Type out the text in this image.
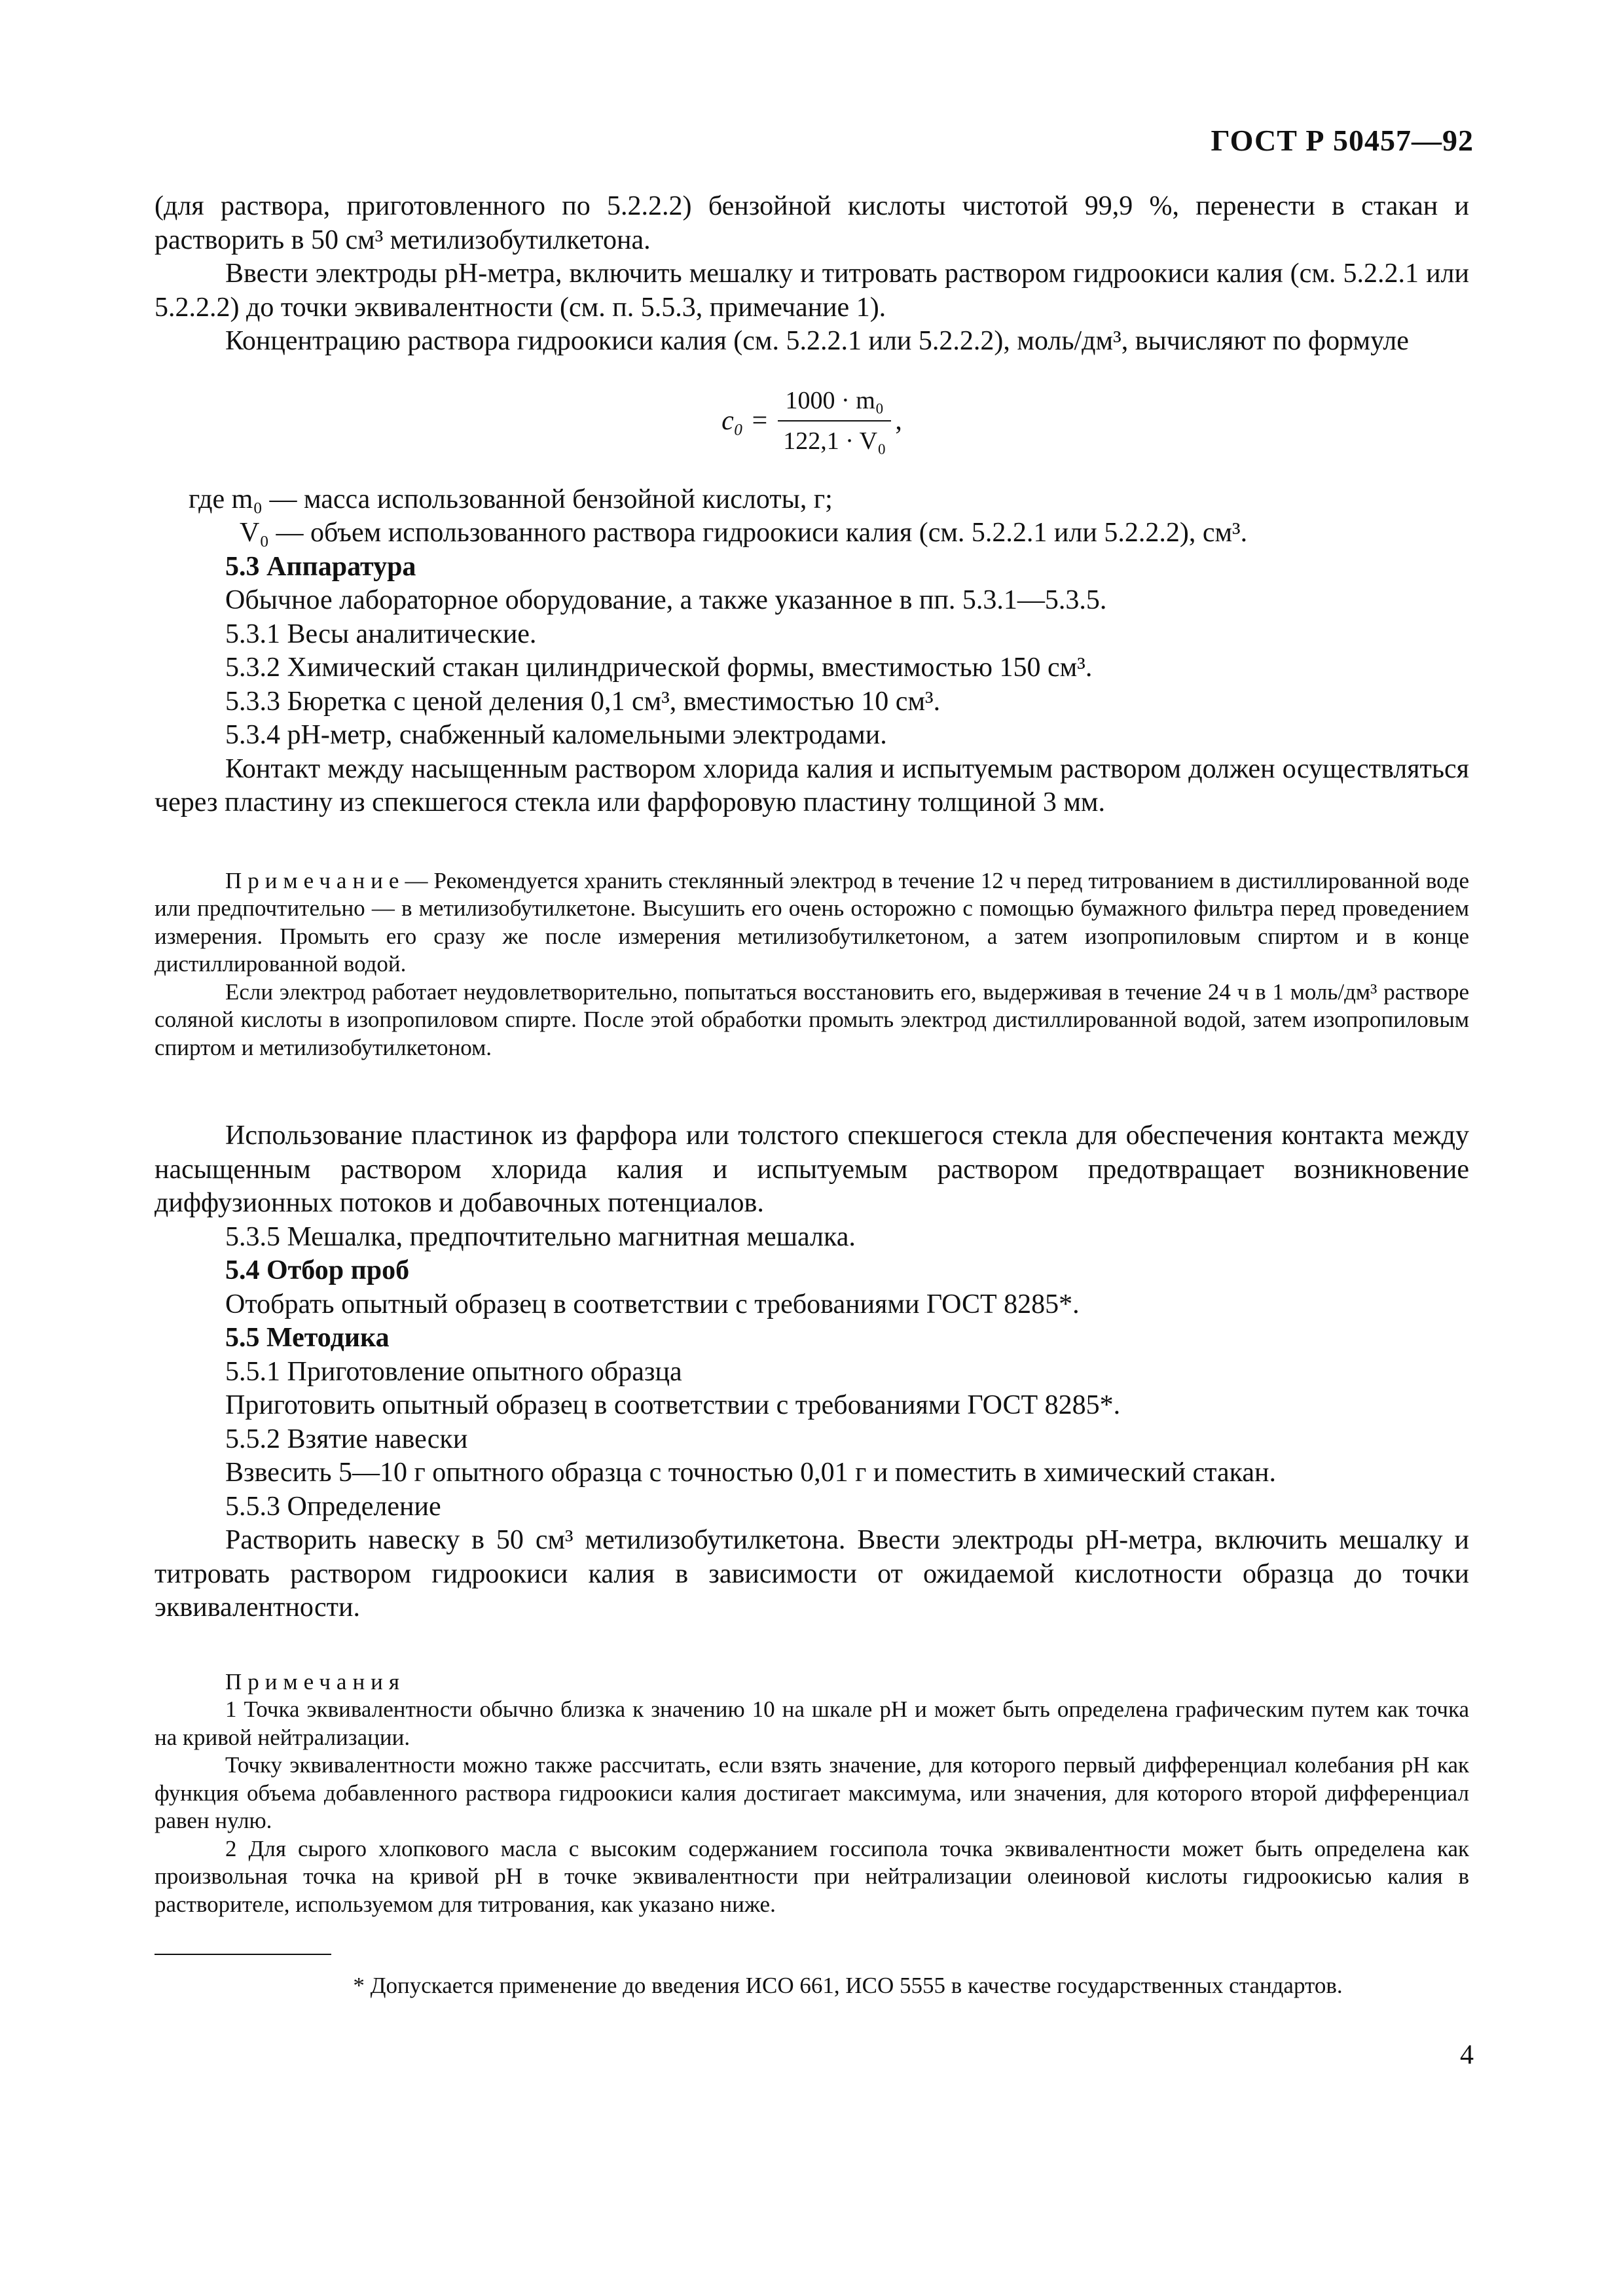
ГОСТ Р 50457—92

(для раствора, приготовленного по 5.2.2.2) бензойной кислоты чистотой 99,9 %, перенести в стакан и растворить в 50 см³ метилизобутилкетона.

Ввести электроды рН-метра, включить мешалку и титровать раствором гидроокиси калия (см. 5.2.2.1 или 5.2.2.2) до точки эквивалентности (см. п. 5.5.3, примечание 1).

Концентрацию раствора гидроокиси калия (см. 5.2.2.1 или 5.2.2.2), моль/дм³, вычисляют по формуле

$c_0 = \frac{\text{1000 · m₀}}{\text{122,1 · V₀}}$ ,

где m₀ — масса использованной бензойной кислоты, г;

V₀ — объем использованного раствора гидроокиси калия (см. 5.2.2.1 или 5.2.2.2), см³.

5.3 Аппаратура

Обычное лабораторное оборудование, а также указанное в пп. 5.3.1—5.3.5.

5.3.1 Весы аналитические.

5.3.2 Химический стакан цилиндрической формы, вместимостью 150 см³.

5.3.3 Бюретка с ценой деления 0,1 см³, вместимостью 10 см³.

5.3.4 рН-метр, снабженный каломельными электродами.

Контакт между насыщенным раствором хлорида калия и испытуемым раствором должен осуществляться через пластину из спекшегося стекла или фарфоровую пластину толщиной 3 мм.

Примечание— Рекомендуется хранить стеклянный электрод в течение 12 ч перед титрованием в дистиллированной воде или предпочтительно — в метилизобутилкетоне. Высушить его очень осторожно с помощью бумажного фильтра перед проведением измерения. Промыть его сразу же после измерения метилизобутилкетоном, а затем изопропиловым спиртом и в конце дистиллированной водой.

Если электрод работает неудовлетворительно, попытаться восстановить его, выдерживая в течение 24 ч в 1 моль/дм³ растворе соляной кислоты в изопропиловом спирте. После этой обработки промыть электрод дистиллированной водой, затем изопропиловым спиртом и метилизобутилкетоном.

Использование пластинок из фарфора или толстого спекшегося стекла для обеспечения контакта между насыщенным раствором хлорида калия и испытуемым раствором предотвращает возникновение диффузионных потоков и добавочных потенциалов.

5.3.5 Мешалка, предпочтительно магнитная мешалка.

5.4 Отбор проб

Отобрать опытный образец в соответствии с требованиями ГОСТ 8285*.

5.5 Методика

5.5.1 Приготовление опытного образца

Приготовить опытный образец в соответствии с требованиями ГОСТ 8285*.

5.5.2 Взятие навески

Взвесить 5—10 г опытного образца с точностью 0,01 г и поместить в химический стакан.

5.5.3 Определение

Растворить навеску в 50 см³ метилизобутилкетона. Ввести электроды рН-метра, включить мешалку и титровать раствором гидроокиси калия в зависимости от ожидаемой кислотности образца до точки эквивалентности.

Примечания

1 Точка эквивалентности обычно близка к значению 10 на шкале рН и может быть определена графическим путем как точка на кривой нейтрализации.

Точку эквивалентности можно также рассчитать, если взять значение, для которого первый дифференциал колебания рН как функция объема добавленного раствора гидроокиси калия достигает максимума, или значения, для которого второй дифференциал равен нулю.

2 Для сырого хлопкового масла с высоким содержанием госсипола точка эквивалентности может быть определена как произвольная точка на кривой рН в точке эквивалентности при нейтрализации олеиновой кислоты гидроокисью калия в растворителе, используемом для титрования, как указано ниже.

* Допускается применение до введения ИСО 661, ИСО 5555 в качестве государственных стандартов.
4
